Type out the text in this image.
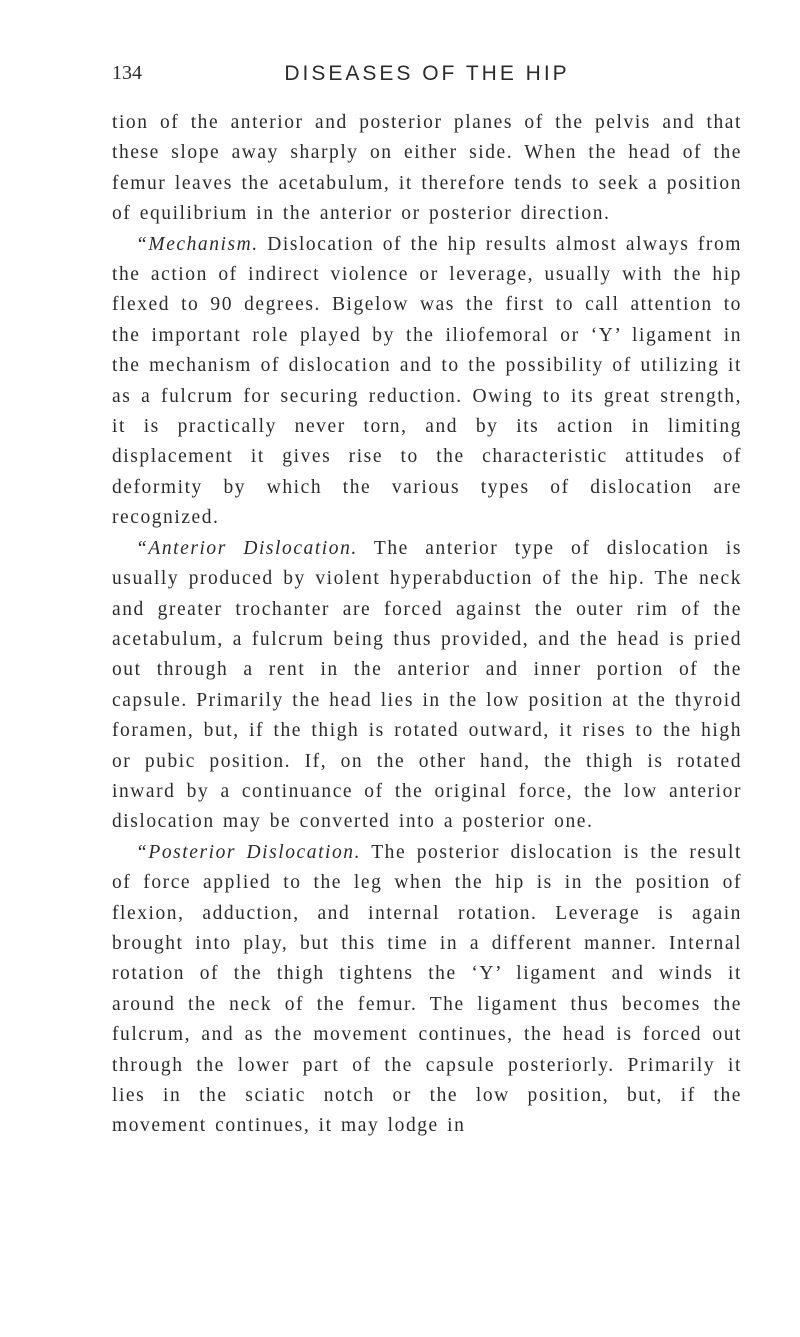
134	DISEASES OF THE HIP

tion of the anterior and posterior planes of the pelvis and that these slope away sharply on either side. When the head of the femur leaves the acetabulum, it therefore tends to seek a position of equilibrium in the anterior or posterior direction.

“Mechanism. Dislocation of the hip results almost always from the action of indirect violence or leverage, usually with the hip flexed to 90 degrees. Bigelow was the first to call attention to the important role played by the iliofemoral or ‘Y’ ligament in the mechanism of dislocation and to the possibility of utilizing it as a fulcrum for securing reduction. Owing to its great strength, it is practically never torn, and by its action in limiting displacement it gives rise to the characteristic attitudes of deformity by which the various types of dislocation are recognized.

“Anterior Dislocation. The anterior type of dislocation is usually produced by violent hyperabduction of the hip. The neck and greater trochanter are forced against the outer rim of the acetabulum, a fulcrum being thus provided, and the head is pried out through a rent in the anterior and inner portion of the capsule. Primarily the head lies in the low position at the thyroid foramen, but, if the thigh is rotated outward, it rises to the high or pubic position. If, on the other hand, the thigh is rotated inward by a continuance of the original force, the low anterior dislocation may be converted into a posterior one.

“Posterior Dislocation. The posterior dislocation is the result of force applied to the leg when the hip is in the position of flexion, adduction, and internal rotation. Leverage is again brought into play, but this time in a different manner. Internal rotation of the thigh tightens the ‘Y’ ligament and winds it around the neck of the femur. The ligament thus becomes the fulcrum, and as the movement continues, the head is forced out through the lower part of the capsule posteriorly. Primarily it lies in the sciatic notch or the low position, but, if the movement continues, it may lodge in
